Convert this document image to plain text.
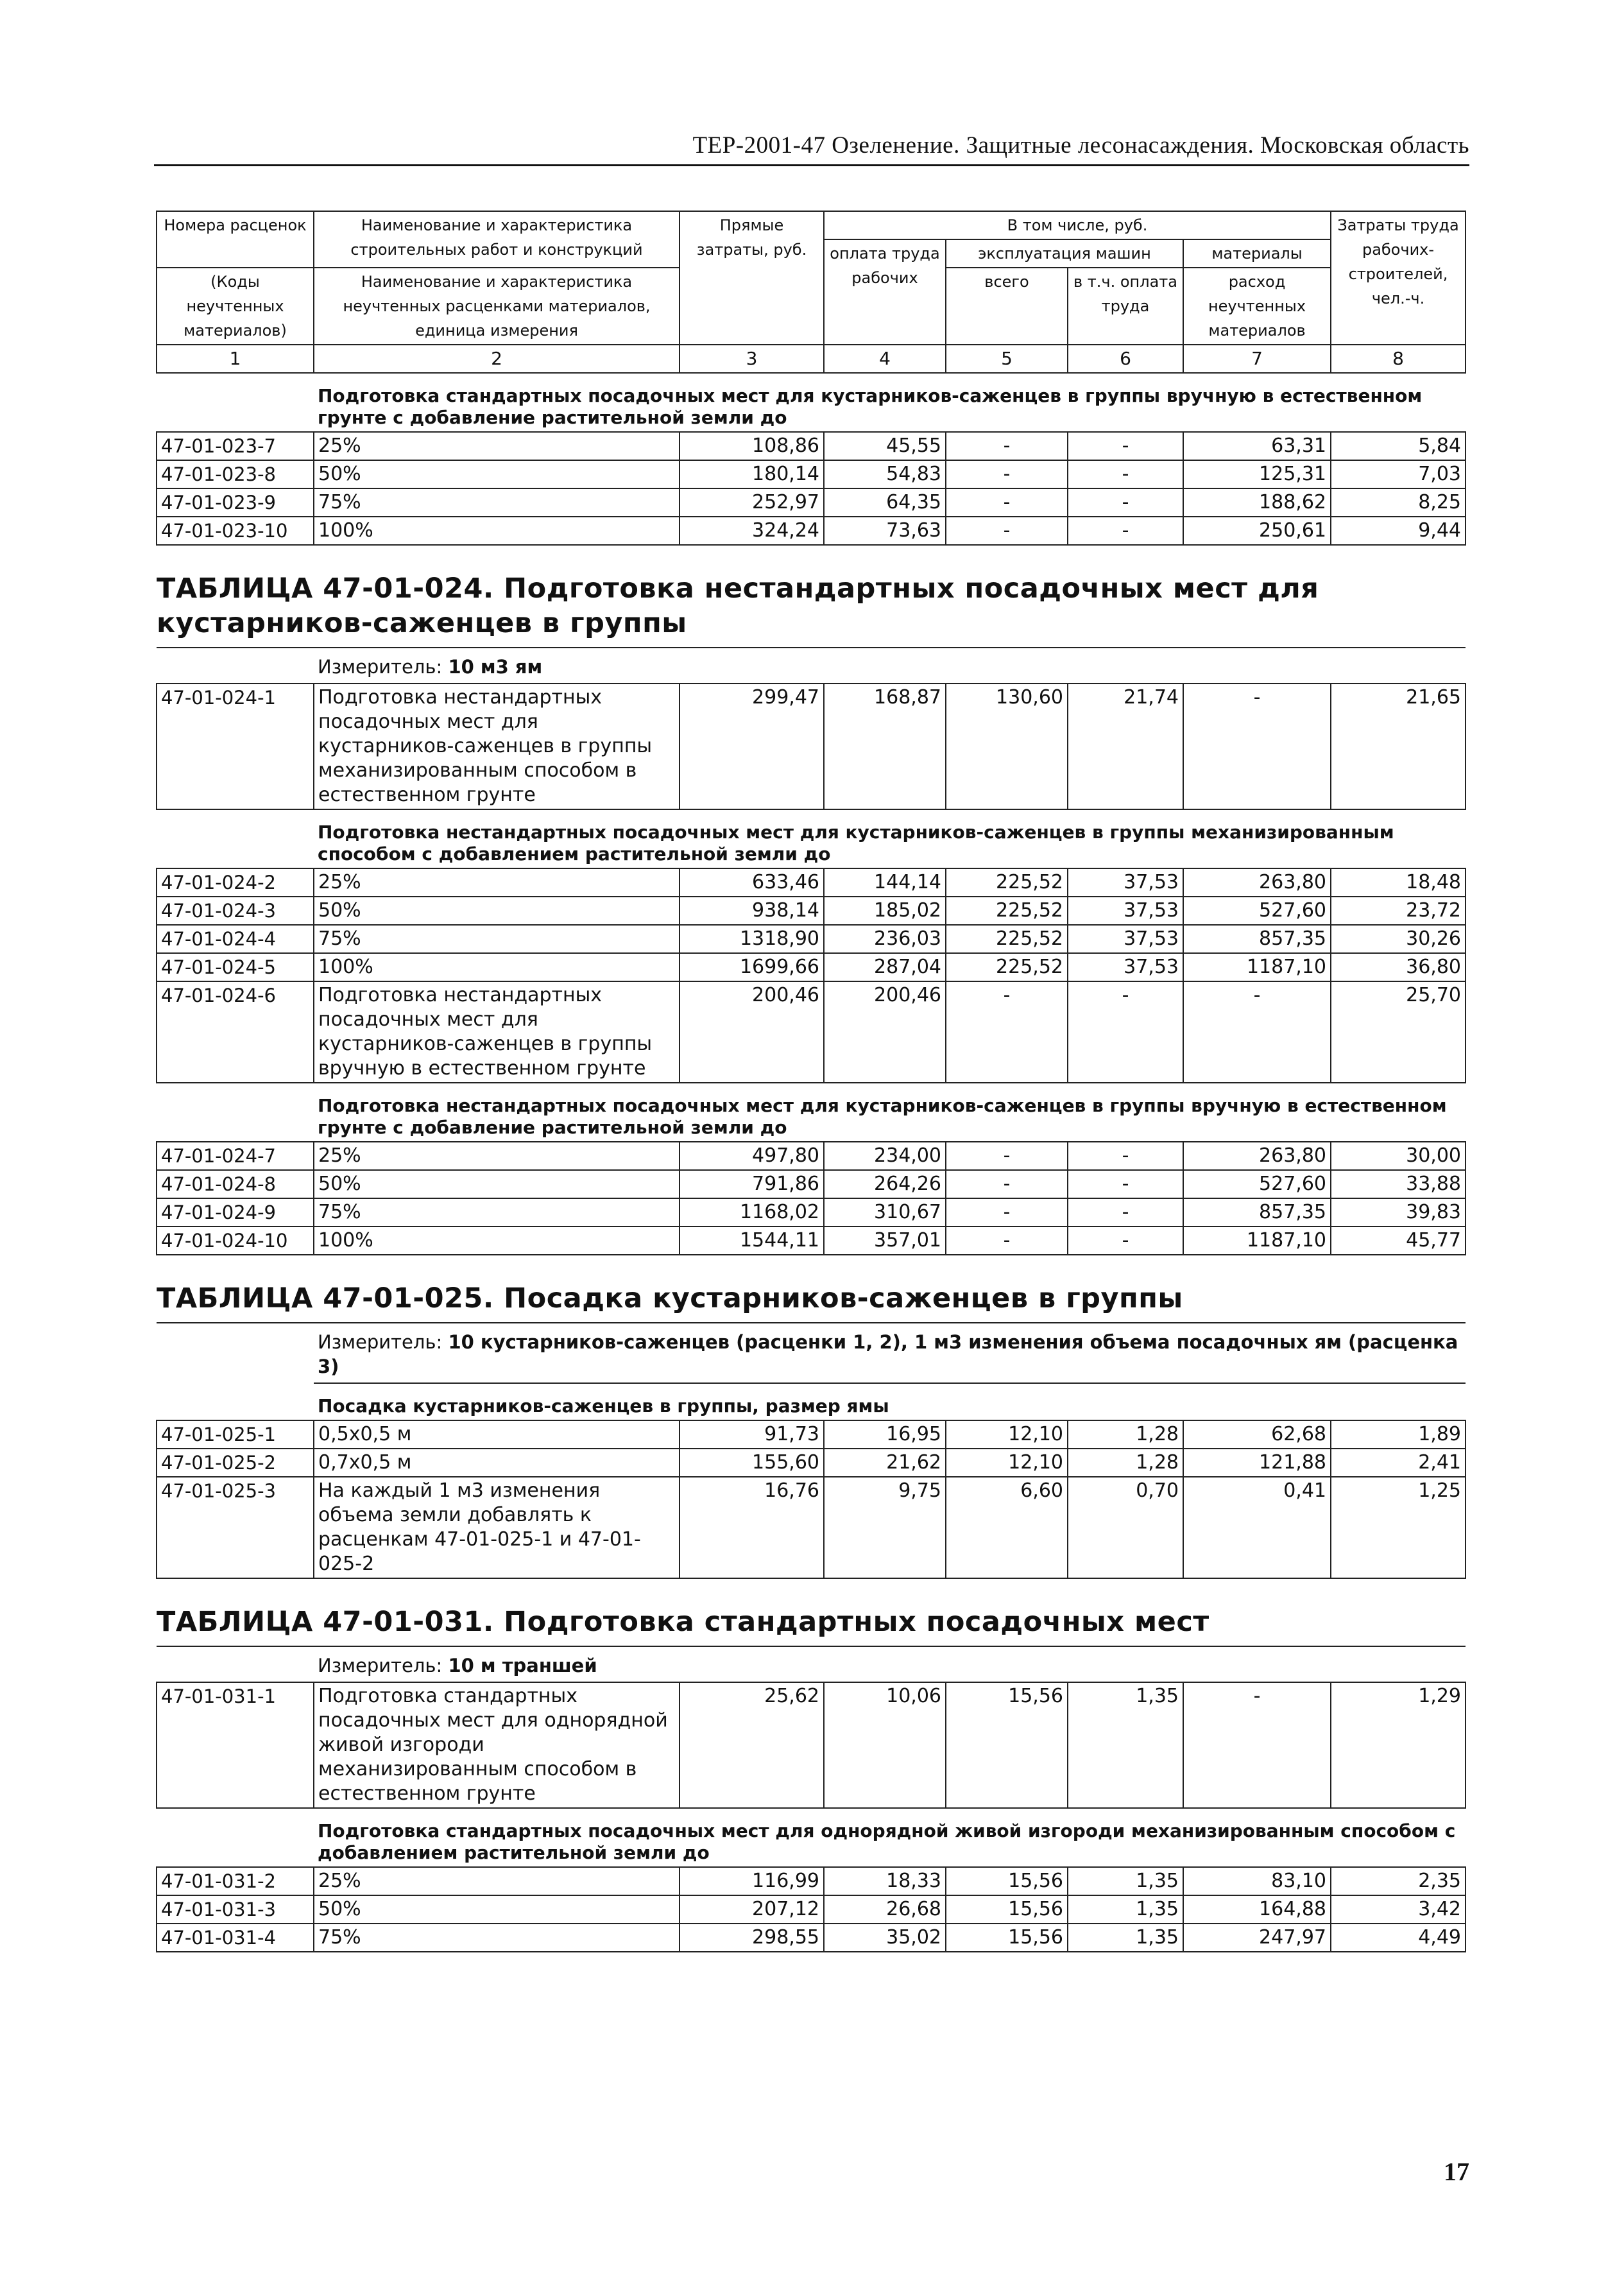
ТЕР-2001-47 Озеленение. Защитные лесонасаждения. Московская область
Номера расценок	Наименование и характеристика строительных работ и конструкций	Прямые затраты, руб.	В том числе, руб.				Затраты труда рабочих-строителей, чел.-ч.
			оплата труда рабочих	эксплуатация машин		материалы	
(Коды неучтенных материалов)	Наименование и характеристика неучтенных расценками материалов, единица измерения			всего	в т.ч. оплата труда	расход неучтенных материалов	

1	2	3	4	5	6	7	8
	Подготовка стандартных посадочных мест для кустарников-саженцев в группы вручную в естественном грунте с добавление растительной земли до						
47-01-023-7	25%	108,86	45,55	-	-	63,31	5,84
47-01-023-8	50%	180,14	54,83	-	-	125,31	7,03
47-01-023-9	75%	252,97	64,35	-	-	188,62	8,25
47-01-023-10	100%	324,24	73,63	-	-	250,61	9,44
ТАБЛИЦА 47-01-024. Подготовка нестандартных посадочных мест для кустарников-саженцев в группы							
	Измеритель: 10 м3 ям						
47-01-024-1	Подготовка нестандартных посадочных мест для кустарников-саженцев в группы механизированным способом в естественном грунте	299,47	168,87	130,60	21,74	-	21,65
	Подготовка нестандартных посадочных мест для кустарников-саженцев в группы механизированным способом с добавлением растительной земли до						
47-01-024-2	25%	633,46	144,14	225,52	37,53	263,80	18,48
47-01-024-3	50%	938,14	185,02	225,52	37,53	527,60	23,72
47-01-024-4	75%	1318,90	236,03	225,52	37,53	857,35	30,26
47-01-024-5	100%	1699,66	287,04	225,52	37,53	1187,10	36,80
47-01-024-6	Подготовка нестандартных посадочных мест для кустарников-саженцев в группы вручную в естественном грунте	200,46	200,46	-	-	-	25,70
	Подготовка нестандартных посадочных мест для кустарников-саженцев в группы вручную в естественном грунте с добавление растительной земли до						
47-01-024-7	25%	497,80	234,00	-	-	263,80	30,00
47-01-024-8	50%	791,86	264,26	-	-	527,60	33,88
47-01-024-9	75%	1168,02	310,67	-	-	857,35	39,83
47-01-024-10	100%	1544,11	357,01	-	-	1187,10	45,77
ТАБЛИЦА 47-01-025. Посадка кустарников-саженцев в группы							
	Измеритель: 10 кустарников-саженцев (расценки 1, 2), 1 м3 изменения объема посадочных ям (расценка 3)						
	Посадка кустарников-саженцев в группы, размер ямы						
47-01-025-1	0,5х0,5 м	91,73	16,95	12,10	1,28	62,68	1,89
47-01-025-2	0,7х0,5 м	155,60	21,62	12,10	1,28	121,88	2,41
47-01-025-3	На каждый 1 м3 изменения объема земли добавлять к расценкам 47-01-025-1 и 47-01-025-2	16,76	9,75	6,60	0,70	0,41	1,25
ТАБЛИЦА 47-01-031. Подготовка стандартных посадочных мест							
	Измеритель: 10 м траншей						
47-01-031-1	Подготовка стандартных посадочных мест для однорядной живой изгороди механизированным способом в естественном грунте	25,62	10,06	15,56	1,35	-	1,29
	Подготовка стандартных посадочных мест для однорядной живой изгороди механизированным способом с добавлением растительной земли до						
47-01-031-2	25%	116,99	18,33	15,56	1,35	83,10	2,35
47-01-031-3	50%	207,12	26,68	15,56	1,35	164,88	3,42
47-01-031-4	75%	298,55	35,02	15,56	1,35	247,97	4,49
17
